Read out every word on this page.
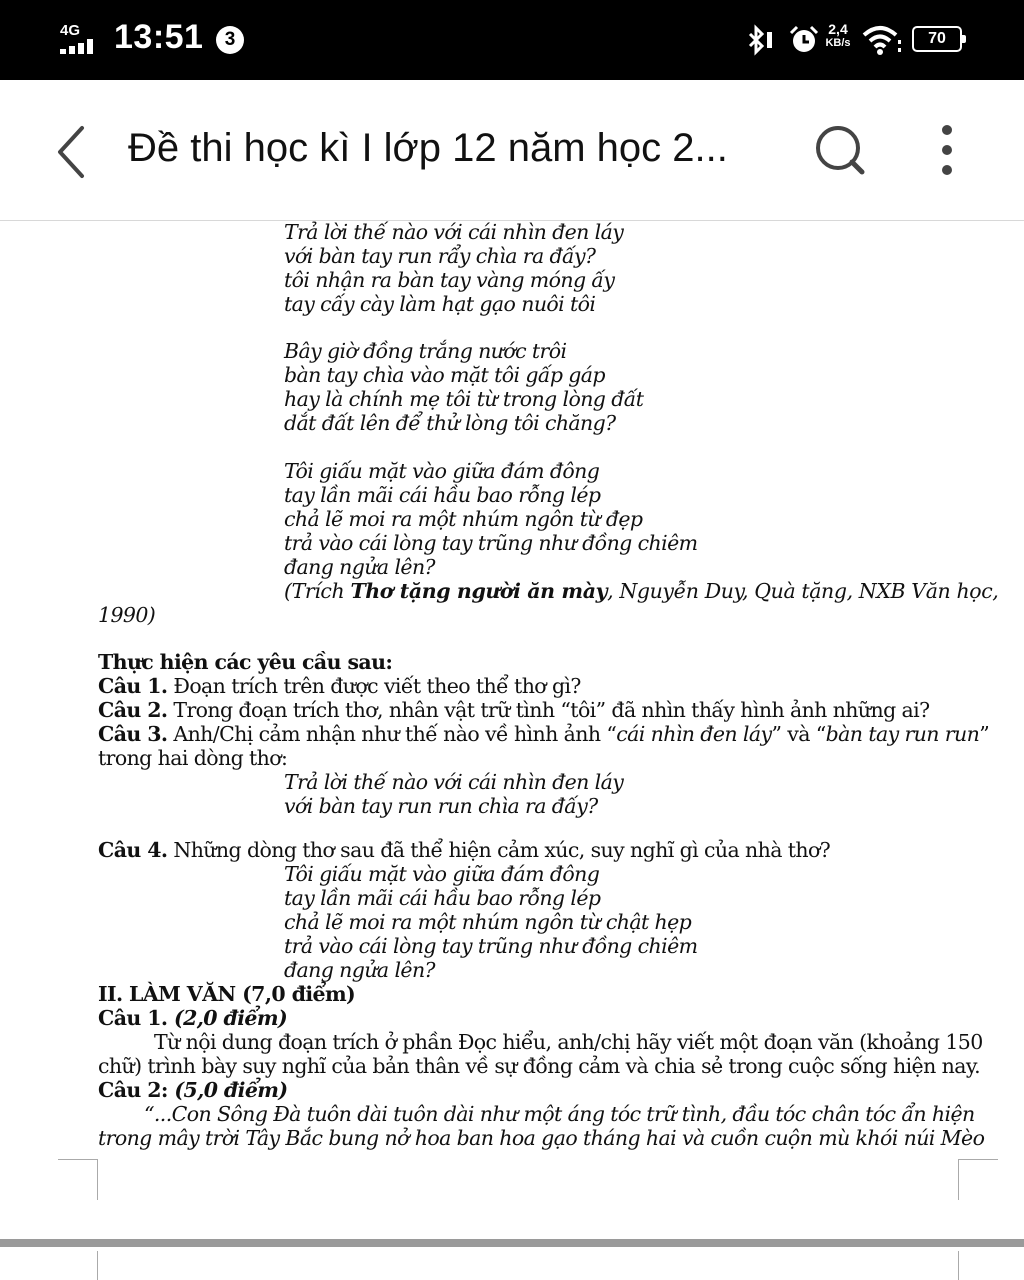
4G 13:51	3	2,4
KB/s	70
Đề thi học kì I lớp 12 năm học 2...
Trả lời thế nào với cái nhìn đen láy
với bàn tay run rẩy chìa ra đấy?
tôi nhận ra bàn tay vàng móng ấy
tay cấy cày làm hạt gạo nuôi tôi
Bây giờ đồng trắng nước trôi
bàn tay chìa vào mặt tôi gấp gáp
hay là chính mẹ tôi từ trong lòng đất
dắt đất lên để thử lòng tôi chăng?
Tôi giấu mặt vào giữa đám đông
tay lần mãi cái hầu bao rỗng lép
chả lẽ moi ra một nhúm ngôn từ đẹp
trả vào cái lòng tay trũng như đồng chiêm
đang ngửa lên?
(Trích Thơ tặng người ăn mày, Nguyễn Duy, Quà tặng, NXB Văn học,
1990)
Thực hiện các yêu cầu sau:
Câu 1. Đoạn trích trên được viết theo thể thơ gì?
Câu 2. Trong đoạn trích thơ, nhân vật trữ tình “tôi” đã nhìn thấy hình ảnh những ai?
Câu 3. Anh/Chị cảm nhận như thế nào về hình ảnh “cái nhìn đen láy” và “bàn tay run run”
trong hai dòng thơ:
Trả lời thế nào với cái nhìn đen láy
với bàn tay run run chìa ra đấy?
Câu 4. Những dòng thơ sau đã thể hiện cảm xúc, suy nghĩ gì của nhà thơ?
Tôi giấu mặt vào giữa đám đông
tay lần mãi cái hầu bao rỗng lép
chả lẽ moi ra một nhúm ngôn từ chật hẹp
trả vào cái lòng tay trũng như đồng chiêm
đang ngửa lên?
II. LÀM VĂN (7,0 điểm)
Câu 1. (2,0 điểm)
Từ nội dung đoạn trích ở phần Đọc hiểu, anh/chị hãy viết một đoạn văn (khoảng 150
chữ) trình bày suy nghĩ của bản thân về sự đồng cảm và chia sẻ trong cuộc sống hiện nay.
Câu 2: (5,0 điểm)
“...Con Sông Đà tuôn dài tuôn dài như một áng tóc trữ tình, đầu tóc chân tóc ẩn hiện
trong mây trời Tây Bắc bung nở hoa ban hoa gạo tháng hai và cuồn cuộn mù khói núi Mèo
